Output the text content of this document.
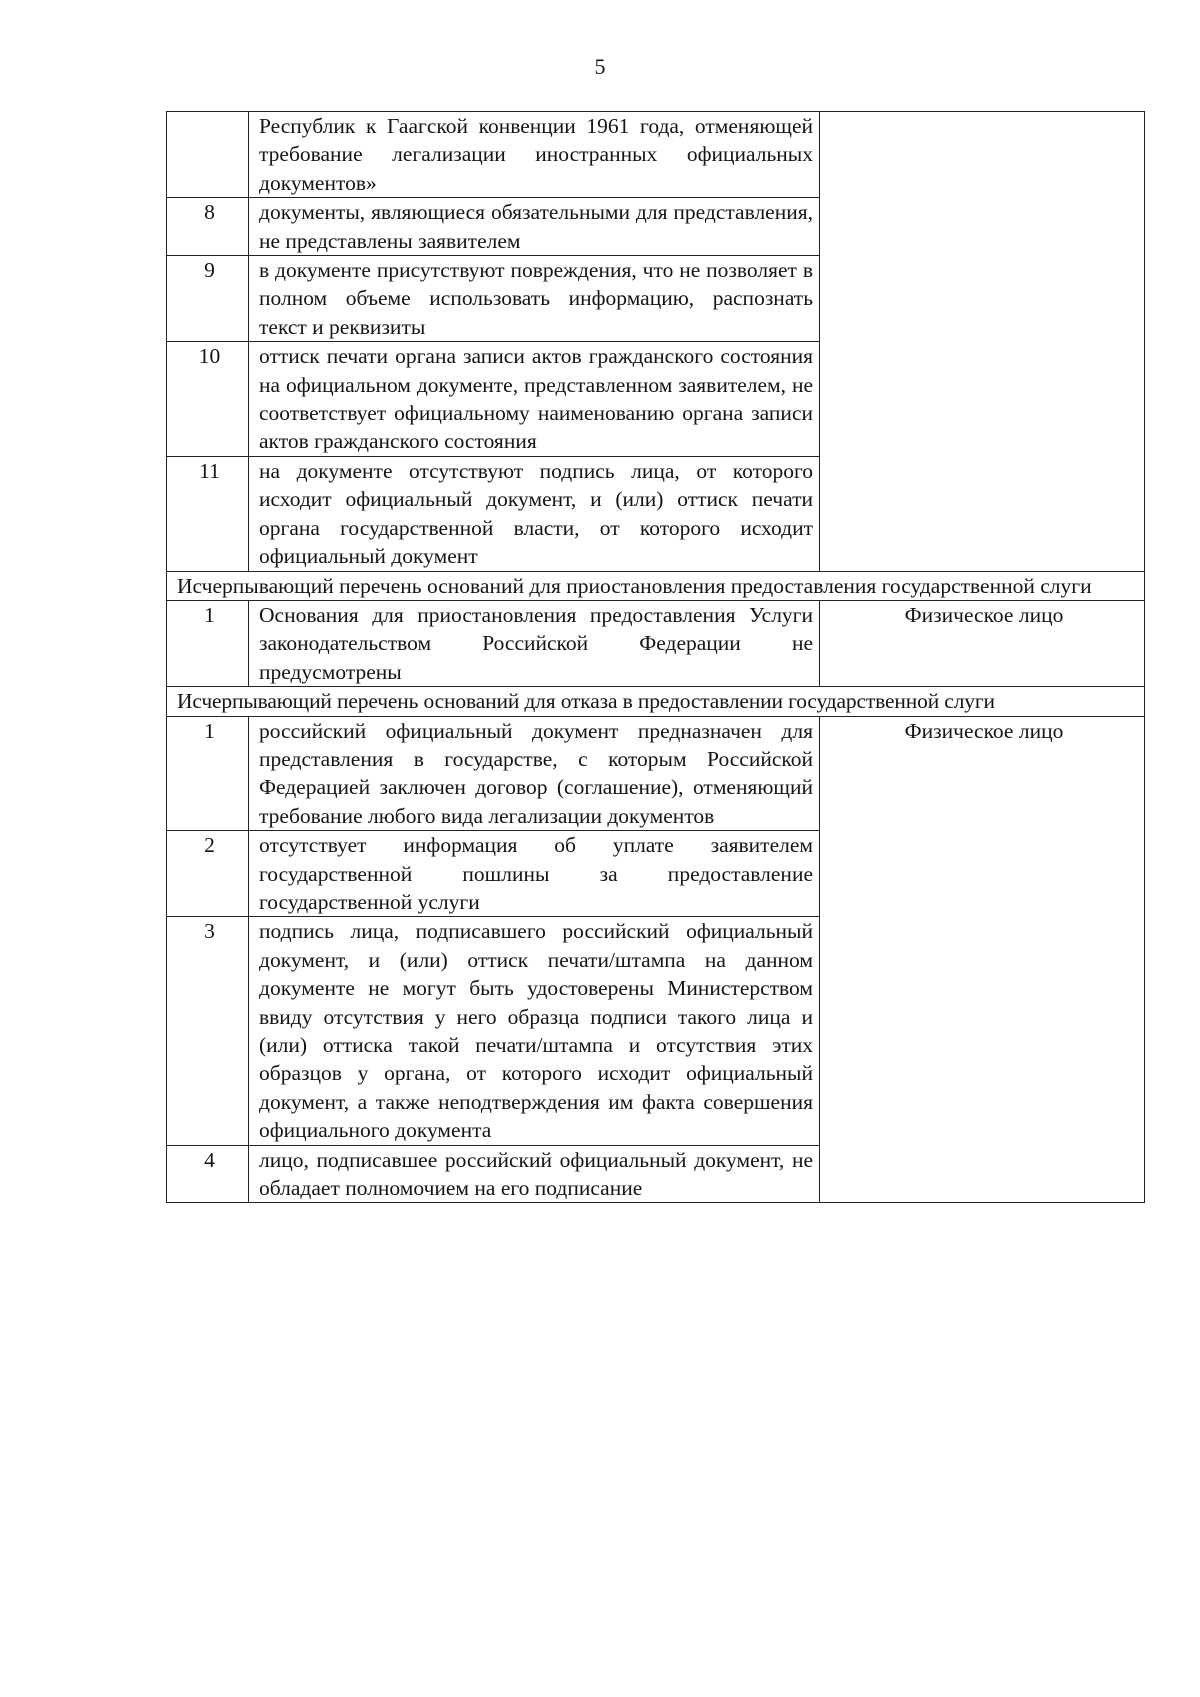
5
	Республик к Гаагской конвенции 1961 года, отменяющей требование легализации иностранных официальных документов»	
8	документы, являющиеся обязательными для представления, не представлены заявителем	
9	в документе присутствуют повреждения, что не позволяет в полном объеме использовать информацию, распознать текст и реквизиты	
10	оттиск печати органа записи актов гражданского состояния на официальном документе, представленном заявителем, не соответствует официальному наименованию органа записи актов гражданского состояния	
11	на документе отсутствуют подпись лица, от которого исходит официальный документ, и (или) оттиск печати органа государственной власти, от которого исходит официальный документ	
Исчерпывающий перечень оснований для приостановления предоставления государственной слуги		
1	Основания для приостановления предоставления Услуги законодательством Российской Федерации не предусмотрены	Физическое лицо
Исчерпывающий перечень оснований для отказа в предоставлении государственной слуги		
1	российский официальный документ предназначен для представления в государстве, с которым Российской Федерацией заключен договор (соглашение), отменяющий требование любого вида легализации документов	Физическое лицо
2	отсутствует информация об уплате заявителем государственной пошлины за предоставление государственной услуги	
3	подпись лица, подписавшего российский официальный документ, и (или) оттиск печати/штампа на данном документе не могут быть удостоверены Министерством ввиду отсутствия у него образца подписи такого лица и (или) оттиска такой печати/штампа и отсутствия этих образцов у органа, от которого исходит официальный документ, а также неподтверждения им факта совершения официального документа	
4	лицо, подписавшее российский официальный документ, не обладает полномочием на его подписание	
